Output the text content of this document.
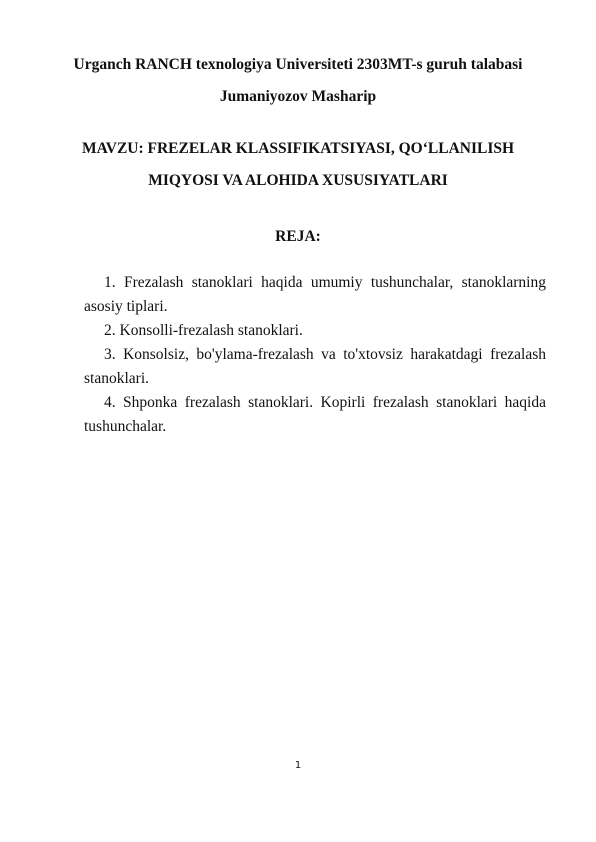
Urganch RANCH texnologiya Universiteti 2303MT-s guruh talabasi
Jumaniyozov Masharip
MAVZU: FREZELAR KLASSIFIKATSIYASI, QO‘LLANILISH
MIQYOSI VA ALOHIDA XUSUSIYATLARI
REJA:
1. Frezalash stanoklari haqida umumiy tushunchalar, stanoklarning asosiy tiplari.
2. Konsolli-frezalash stanoklari.
3. Konsolsiz, bo'ylama-frezalash va to'xtovsiz harakatdagi frezalash stanoklari.
4. Shponka frezalash stanoklari. Kopirli frezalash stanoklari haqida tushunchalar.
1
